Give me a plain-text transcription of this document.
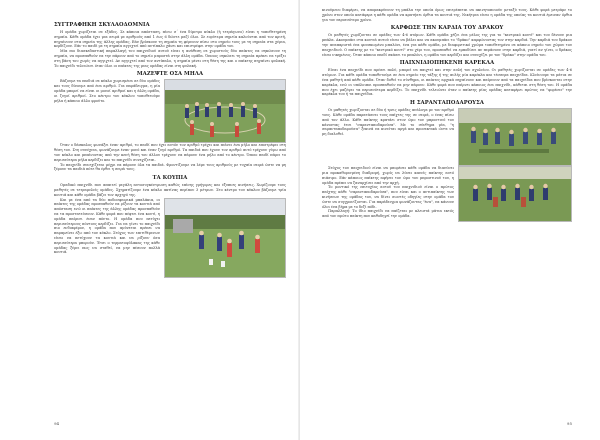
ΣΥΓΤΡΑΦΗΚΗ ΣΚΥΛΑΟΔΟΜΝΙΑ

Η ομάδα χωρίζεται σε εξάδες. Σε κάποια απόσταση, πίσω σ΄ ένα δίμετρο κύκλο (ή τετράγωνο) είναι η τοποθετημένη σημαία. Κάθε ομάδα έχει μια σειρά με αριθμούς από 1 έως 6 δώστε μαζί όλοι. Σε ευρύτερα σημεία καλούνται από τον κριτή, πηγαίνουν στα σημεία της άλλης ομάδας. Εάν βρίσκουν τη σημαία τη φέρνουν πίσω στο σημείο τους με τη σημαία στα χέρια, κερδίζουν. Εάν το παιδί με τη σημαία αγγιχτεί από αντίπαλο χάνει και επιστρέφει στην ομάδα του.

Μία πιο διασκεδαστική παραλλαγή του παιχνιδιού αυτού είναι η ανάθεση σε χωριστούς δύο παίκτες να σηκώσουν τη σημαία, να προσπαθούν να την πάρουν από το σημείο μπροστά στην άλλη ομάδα. Όποιος σηκώσει τη σημαία πρέπει να τρέξει στη βάση του χωρίς να αγγιχτεί. Αν αγγιχτεί από τον αντίπαλο, η σημαία μένει στη θέση της και ο παίκτης πηγαίνει φυλακή. Το παιχνίδι τελειώνει όταν όλοι οι παίκτες της μιας ομάδας είναι στη φυλακή.

ΜΑΖΕΨΤΕ ΟΣΑ ΜΗΛΑ

Βάζουμε τα παιδιά σε κύκλο χωρισμένα σε δύο ομάδες και τους δίνουμε από ένα αριθμό. Για παράδειγμα, η μία ομάδα μπορεί να είναι οι μονοί αριθμοί και η άλλη ομάδα, οι ζυγοί αριθμοί. Στο κέντρο του κύκλου τοποθετούμε μήλα ή κάποιο άλλο φρούτο.

Όταν ο δάσκαλος φωνάξει έναν αριθμό, το παιδί που έχει αυτόν τον αριθμό τρέχει και πιάνει ένα μήλο και επιστρέφει στη θέση του. Στη συνέχεια, φωνάζουμε έναν μονό και έναν ζυγό αριθμό. Τα παιδιά που έχουν τον αριθμό αυτό τρέχουν γύρω από τον κύκλο και μπαίνοντας από την κενή θέση του άλλου τρέχουν να πάρουν ένα μήλο από το κέντρο. Όποιο παιδί πάρει το περισσότερα μήλα κερδίζει και το παιχνίδι συνεχίζεται.

Το παιχνίδι συνεχίζεται μέχρι να πάρουν όλα τα παιδιά. Φροντίζουμε να λέμε τους αριθμούς με τυχαία σειρά ώστε να μη ξέρουν τα παιδιά πότε θα έρθει η σειρά τους.

ΤΑ ΚΟΥΠΙΑ

Ομαδικό παιχνίδι που απαιτεί μεγάλη αυτοσυγκέντρωση καθώς επίσης γρήγορες και έξυπνες κινήσεις. Χωρίζουμε τους μαθητές σε τετραμελείς ομάδες. Σχηματίζουμε ένα κύκλο ακτίνας περίπου 3 μέτρων. Στο κέντρο του κύκλου βάζουμε τρία κουτιά και κάθε ομάδα βάζει τον αρχηγό της.

Και με ένα από τα δύο ποδοσφαιρικά μπαλάκια, οι παίκτες της ομάδας προσπαθούν να ρίξουν τα κουτιά από απόσταση ενώ οι παίκτες της άλλης ομάδας προσπαθούν να τα προστατεύσουν. Κάθε φορά που πέφτει ένα κουτί, η ομάδα παίρνει έναν πόντο. Η ομάδα που πετύχει περισσότερους πόντους κερδίζει. Για να γίνει το παιχνίδι πιο ενδιαφέρον, η ομάδα που αμύνεται πρέπει να παραμείνει έξω από τον κύκλο. Στόχος των επιτιθέμενων είναι να πετύχουν τα κουτιά και να ρίξουν όσα περισσότερα μπορούν. Έτσι ο τερματοφύλακας της κάθε ομάδας ξέρει πως να σταθεί, να μην πέσουν πολλά κουτιά.

94

κινούμενο διαφέρει, να απομακρύνουν τη μπάλα την οποία όμως επιτρέπεται να ακινητοποιούν μεταξύ τους. Κάθε φορά μετράμε το χρόνο στον οποίο κατάφερε η κάθε ομάδα να κρατήσει όρθια τα κουτιά της. Νικήτρια είναι η ομάδα της οποίας τα κουτιά έμειναν όρθια για τον περισσότερο χρόνο.

ΚΑΡΦΩΣΕ ΤΗΝ ΚΑΡΔΙΑ ΤΟΥ ΔΡΑΚΟΥ

Οι μαθητές χωρίζονται σε ομάδες των 4-6 ατόμων. Κάθε ομάδα χέζει ένα μέλος της για το "κεντρικό κουτί" και του δένουν μια μπάλα. Ακουμπάει στα κουτιά αυτού είναι να βάλει και να ακουμπάει το "δράκο" καρφώνοντας τον στην καρδιά. Την καρδιά του δράκου την αναπαριστά ένα φουσκωμένο μπαλόνι, ένα για κάθε ομάδα, με διαφορετικό χρώμα τοποθετημένο σε κάποιο σημείο του χώρου του παιχνιδιού. Ο παίκτης με το "κεντρικό κουτί" στο χέρι του, προσπαθεί να εμποδίσει αν περάσουν στην καρδιά, γιατί αν γίνει, ο δράκος είναι νικημένος. Όταν κάποιο παιδί σκάσει το μπαλόνι, η ομάδα του κερδίζει και συνεχίζει με τον "δράκο" στην ομάδα του.

ΠΑΙΧΝΙΔΙΟΠΗΚΕΝΗ ΚΑΡΕΚΛΑ

Είναι ένα παιχνίδι που αρέσει πολύ, μπορεί να παιχτεί και στην αυλή του σχολείου. Οι μαθητές χωρίζονται σε ομάδες των 4-6 ατόμων. Για κάθε ομάδα τοποθετούμε σε ένα σημείο της τάξης ή της αυλής μία καρέκλα και τέσσερα παιχνίδια. Κλείνουμε τα μάτια σε ένα μαθητή από κάθε ομάδα. Όταν δοθεί το σύνθημα, οι παίκτες αρχικά πηγαίνουν και παίρνουν από τα παιχνίδια που βρίσκονται στην καρέκλα, ενώ οι υπόλοιποι προσπαθούν να μην πάρουν. Κάθε φορά που παίρνει κάποιος ένα παιχνίδι, κάθεται στη θέση του. Η ομάδα που έχει μαζέψει τα περισσότερα κερδίζει. Το παιχνίδι τελειώνει όταν ο παίκτης μίας ομάδας καταφέρει πρώτος να "φορέσει" την καρέκλα του ή τα παιχνίδια.

Η ΣΑΡΑΝΤΑΠΟΔΑΡΟΥΣΑ

Οι μαθητές χωρίζονται σε δύο ή τρεις ομάδες ανάλογα με τον αριθμό τους. Κάθε ομάδα παρατάσσει τους παίχτες της σε σειρά, ο ένας πίσω από τον άλλο. Κάθε παίκτης κρατάει στον ώμο τον μπροστινό του κάνοντας έτσι "σαρανταποδαρούσα". Με το σύνθημα μία, "η σαρανταποδαρούσα" ξεκινά να κινείται αργά και προσεκτικά ώστε να μη διαλυθεί.

Στόχος του παιχνιδιού είναι να μπορέσει κάθε ομάδα να διανύσει μια προκαθορισμένη διαδρομή, χωρίς να λύσει κανείς παίκτης αυτό πιάσιμο. Εάν κάποιος παίκτης αφήσει τον ώμο του μπροστινού του, η ομάδα πρέπει να ξαναρχίσει από την αρχή.

Το μοντικό της επιτυχίας αυτού του παιχνιδιού είναι ο πρώτος παίχτης κάθε "σαρανταποδαρούσα", που είναι και ο αντιπαίκτης των κινήσεων της ομάδας του, να δίνει σωστές οδηγίες στην ομάδα του ώστε να συγχρονίζονται. Για παράδειγμα φωνάζοντας "ένα", να κάνουν όλοι ένα βήμα με το δεξί πόδι.

Παραλλαγή: Το ίδιο παιχνίδι να παίζεται με κλειστά μάτια εκτός από τον πρώτο παίκτη που καθοδηγεί την ομάδα.

95
